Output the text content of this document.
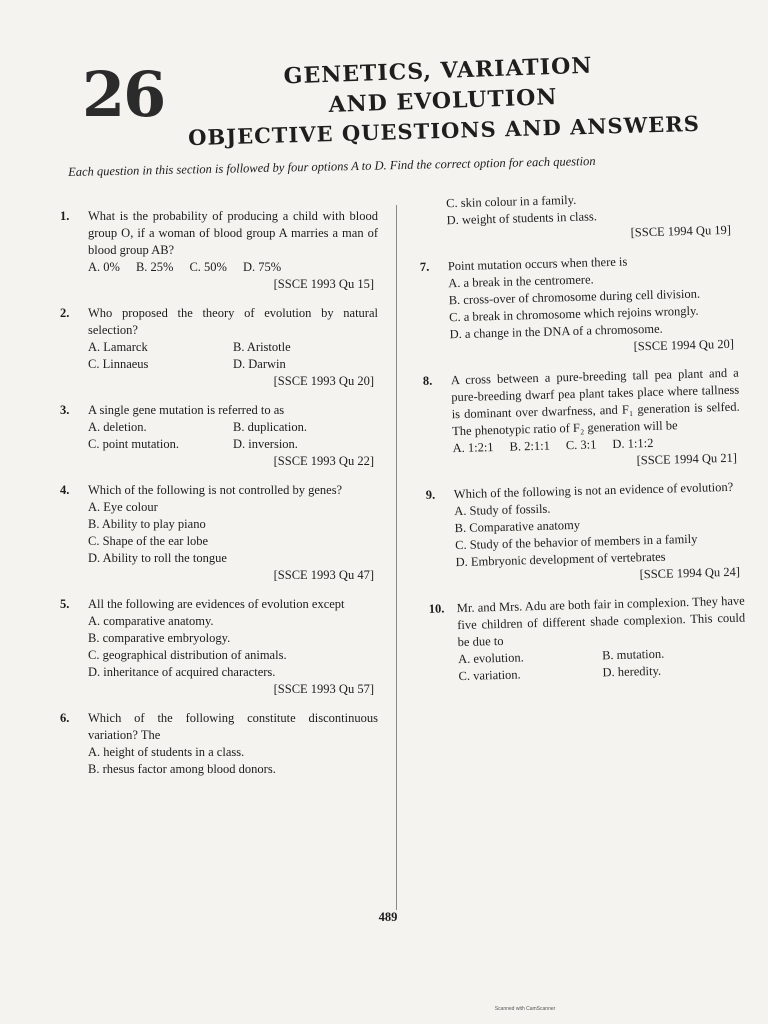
26	GENETICS, VARIATION
AND EVOLUTION
OBJECTIVE QUESTIONS AND ANSWERS
Each question in this section is followed by four options A to D. Find the correct option for each question
1.	What is the probability of producing a child with blood group O, if a woman of blood group A marries a man of blood group AB?
A. 0% B. 25% C. 50% D. 75%
[SSCE 1993 Qu 15]
2.	Who proposed the theory of evolution by natural selection?
A. Lamarck	B. Aristotle
C. Linnaeus	D. Darwin
[SSCE 1993 Qu 20]
3.	A single gene mutation is referred to as
A. deletion.	B. duplication.
C. point mutation.	D. inversion.
[SSCE 1993 Qu 22]
4.	Which of the following is not controlled by genes?
A. Eye colour
B. Ability to play piano
C. Shape of the ear lobe
D. Ability to roll the tongue
[SSCE 1993 Qu 47]
5.	All the following are evidences of evolution except
A. comparative anatomy.
B. comparative embryology.
C. geographical distribution of animals.
D. inheritance of acquired characters.
[SSCE 1993 Qu 57]
6.	Which of the following constitute discontinuous variation? The
A. height of students in a class.
B. rhesus factor among blood donors.
C. skin colour in a family.
D. weight of students in class.
[SSCE 1994 Qu 19]
7.	Point mutation occurs when there is
A. a break in the centromere.
B. cross-over of chromosome during cell division.
C. a break in chromosome which rejoins wrongly.
D. a change in the DNA of a chromosome.
[SSCE 1994 Qu 20]
8.	A cross between a pure-breeding tall pea plant and a pure-breeding dwarf pea plant takes place where tallness is dominant over dwarfness, and F₁ generation is selfed. The phenotypic ratio of F₂ generation will be
A. 1:2:1 B. 2:1:1 C. 3:1 D. 1:1:2
[SSCE 1994 Qu 21]
9.	Which of the following is not an evidence of evolution?
A. Study of fossils.
B. Comparative anatomy
C. Study of the behavior of members in a family
D. Embryonic development of vertebrates
[SSCE 1994 Qu 24]
10. Mr. and Mrs. Adu are both fair in complexion. They have five children of different shade complexion. This could be due to
A. evolution.	B. mutation.
C. variation.	D. heredity.
489
Scanned with CamScanner
